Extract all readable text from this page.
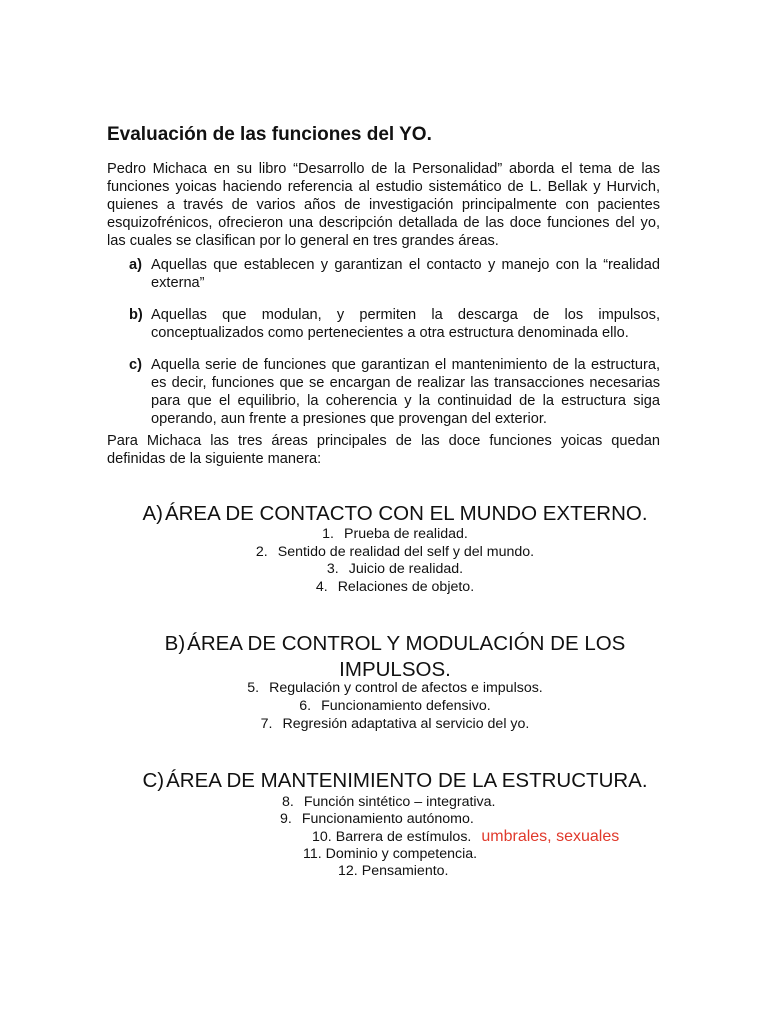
Evaluación de las funciones del YO.

Pedro Michaca en su libro “Desarrollo de la Personalidad” aborda el tema de las funciones yoicas haciendo referencia al estudio sistemático de L. Bellak y Hurvich, quienes a través de varios años de investigación principalmente con pacientes esquizofrénicos, ofrecieron una descripción detallada de las doce funciones del yo, las cuales se clasifican por lo general en tres grandes áreas.

a) Aquellas que establecen y garantizan el contacto y manejo con la “realidad externa”
b) Aquellas que modulan, y permiten la descarga de los impulsos, conceptualizados como pertenecientes a otra estructura denominada ello.
c) Aquella serie de funciones que garantizan el mantenimiento de la estructura, es decir, funciones que se encargan de realizar las transacciones necesarias para que el equilibrio, la coherencia y la continuidad de la estructura siga operando, aun frente a presiones que provengan del exterior.

Para Michaca las tres áreas principales de las doce funciones yoicas quedan definidas de la siguiente manera:

A)ÁREA DE CONTACTO CON EL MUNDO EXTERNO.
1. Prueba de realidad.
2. Sentido de realidad del self y del mundo.
3. Juicio de realidad.
4. Relaciones de objeto.
B)ÁREA DE CONTROL Y MODULACIÓN DE LOS
IMPULSOS.
5. Regulación y control de afectos e impulsos.
6. Funcionamiento defensivo.
7. Regresión adaptativa al servicio del yo.
C)ÁREA DE MANTENIMIENTO DE LA ESTRUCTURA.
8. Función sintético – integrativa.
9. Funcionamiento autónomo.
10. Barrera de estímulos. umbrales, sexuales
11. Dominio y competencia.
12. Pensamiento.
